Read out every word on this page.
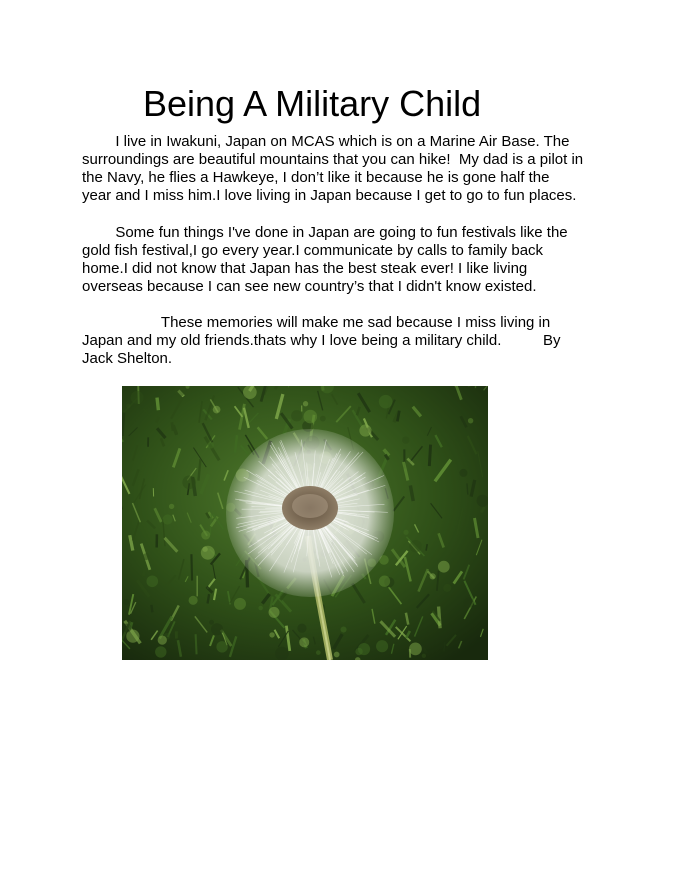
Being A Military Child
I live in Iwakuni, Japan on MCAS which is on a Marine Air Base. The
surroundings are beautiful mountains that you can hike!  My dad is a pilot in
the Navy, he flies a Hawkeye, I don’t like it because he is gone half the
year and I miss him.I love living in Japan because I get to go to fun places.
Some fun things I've done in Japan are going to fun festivals like the
gold fish festival,I go every year.I communicate by calls to family back
home.I did not know that Japan has the best steak ever! I like living
overseas because I can see new country’s that I didn't know existed.
These memories will make me sad because I miss living in
Japan and my old friends.thats why I love being a military child.          By
Jack Shelton.
